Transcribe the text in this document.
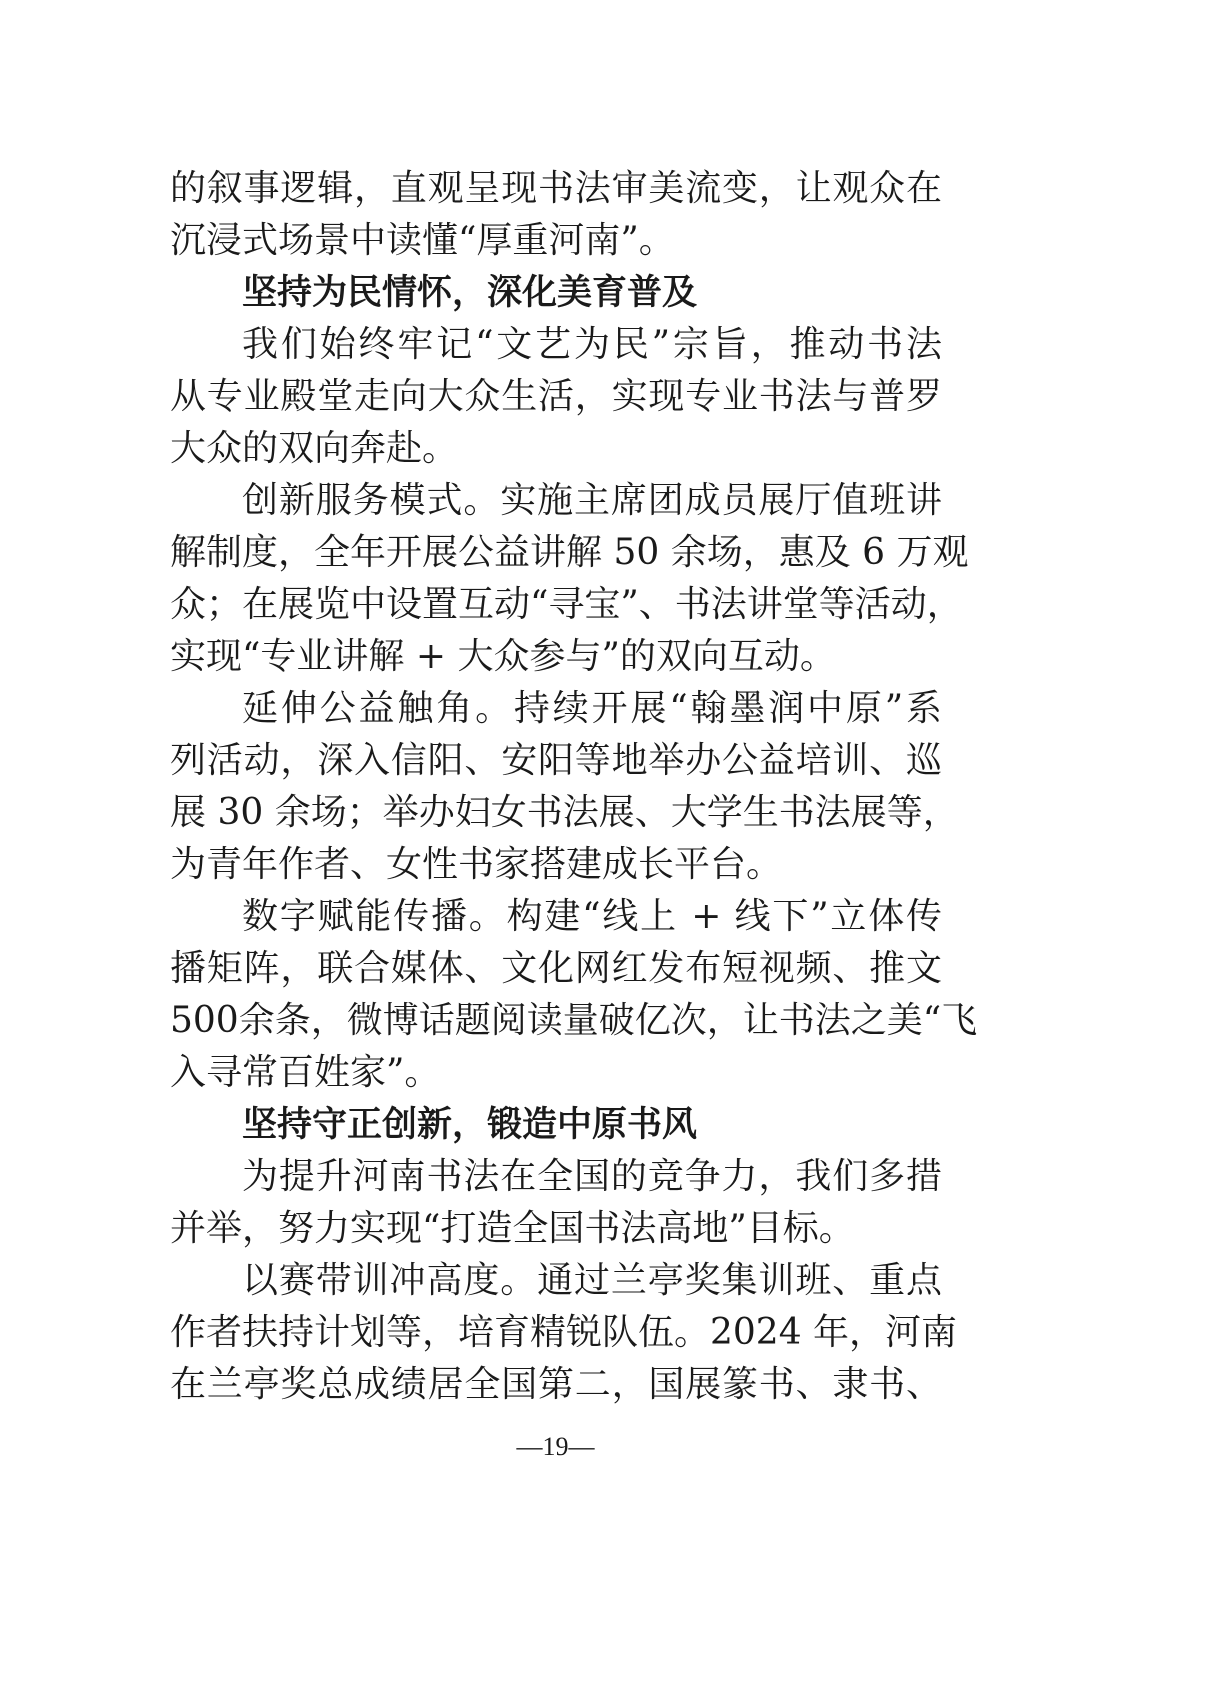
的叙事逻辑，直观呈现书法审美流变，让观众在
沉浸式场景中读懂“厚重河南”。
坚持为民情怀，深化美育普及
我们始终牢记“文艺为民”宗旨，推动书法
从专业殿堂走向大众生活，实现专业书法与普罗
大众的双向奔赴。
创新服务模式。实施主席团成员展厅值班讲
解制度，全年开展公益讲解 50 余场，惠及 6 万观
众；在展览中设置互动“寻宝”、书法讲堂等活动，
实现“专业讲解 + 大众参与”的双向互动。
延伸公益触角。持续开展“翰墨润中原”系
列活动，深入信阳、安阳等地举办公益培训、巡
展 30 余场；举办妇女书法展、大学生书法展等，
为青年作者、女性书家搭建成长平台。
数字赋能传播。构建“线上 + 线下”立体传
播矩阵，联合媒体、文化网红发布短视频、推文
500余条，微博话题阅读量破亿次，让书法之美“飞
入寻常百姓家”。
坚持守正创新，锻造中原书风
为提升河南书法在全国的竞争力，我们多措
并举，努力实现“打造全国书法高地”目标。
以赛带训冲高度。通过兰亭奖集训班、重点
作者扶持计划等，培育精锐队伍。2024 年，河南
在兰亭奖总成绩居全国第二，国展篆书、隶书、
—19—
